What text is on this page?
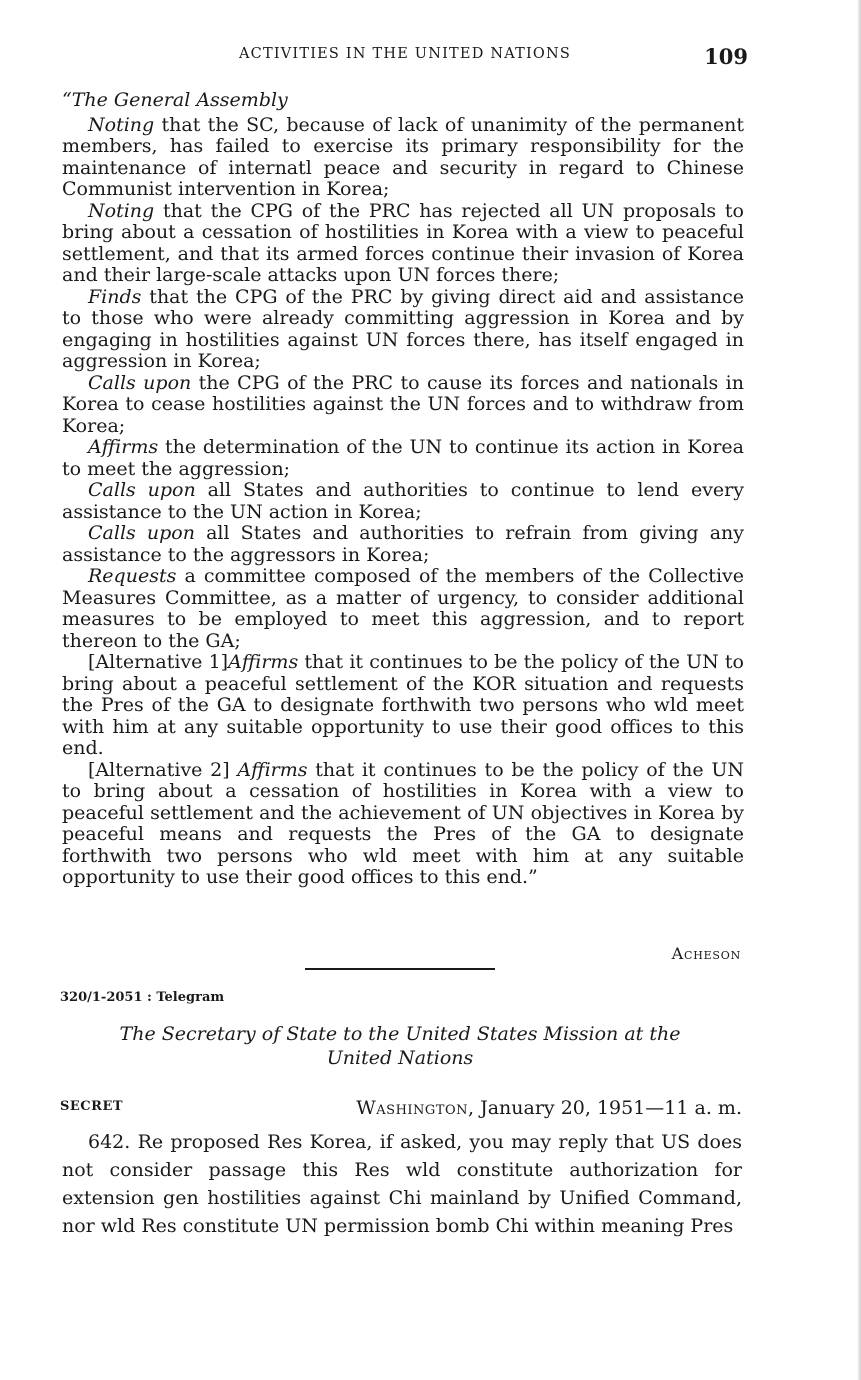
ACTIVITIES IN THE UNITED NATIONS	109

“The General Assembly

Noting that the SC, because of lack of unanimity of the permanent members, has failed to exercise its primary responsibility for the maintenance of internatl peace and security in regard to Chinese Communist intervention in Korea;

Noting that the CPG of the PRC has rejected all UN proposals to bring about a cessation of hostilities in Korea with a view to peaceful settlement, and that its armed forces continue their invasion of Korea and their large-scale attacks upon UN forces there;

Finds that the CPG of the PRC by giving direct aid and assistance to those who were already committing aggression in Korea and by engaging in hostilities against UN forces there, has itself engaged in aggression in Korea;

Calls upon the CPG of the PRC to cause its forces and nationals in Korea to cease hostilities against the UN forces and to withdraw from Korea;

Affirms the determination of the UN to continue its action in Korea to meet the aggression;

Calls upon all States and authorities to continue to lend every assistance to the UN action in Korea;

Calls upon all States and authorities to refrain from giving any assistance to the aggressors in Korea;

Requests a committee composed of the members of the Collective Measures Committee, as a matter of urgency, to consider additional measures to be employed to meet this aggression, and to report thereon to the GA;

[Alternative 1]Affirms that it continues to be the policy of the UN to bring about a peaceful settlement of the KOR situation and requests the Pres of the GA to designate forthwith two persons who wld meet with him at any suitable opportunity to use their good offices to this end.

[Alternative 2] Affirms that it continues to be the policy of the UN to bring about a cessation of hostilities in Korea with a view to peaceful settlement and the achievement of UN objectives in Korea by peaceful means and requests the Pres of the GA to designate forthwith two persons who wld meet with him at any suitable opportunity to use their good offices to this end.”

Acheson
320/1-2051 : Telegram
The Secretary of State to the United States Mission at the
United Nations
SECRET	Washington, January 20, 1951—11 a. m.

642. Re proposed Res Korea, if asked, you may reply that US does not consider passage this Res wld constitute authorization for extension gen hostilities against Chi mainland by Unified Command, nor wld Res constitute UN permission bomb Chi within meaning Pres
